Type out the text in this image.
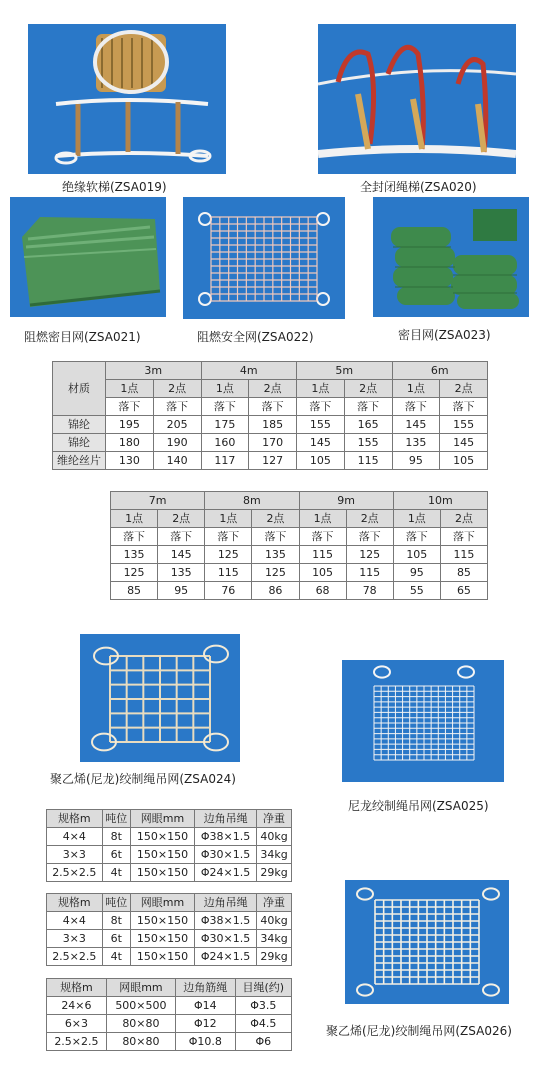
绝缘软梯(ZSA019)	全封闭绳梯(ZSA020)
阻燃密目网(ZSA021)	阻燃安全网(ZSA022)	密目网(ZSA023)
材质	3m		4m		5m		6m	
	1点	2点	1点	2点	1点	2点	1点	2点
	落下	落下	落下	落下	落下	落下	落下	落下
锦纶	195	205	175	185	155	165	145	155
锦纶	180	190	160	170	145	155	135	145
维纶丝片	130	140	117	127	105	115	95	105
7m		8m		9m		10m	
1点	2点	1点	2点	1点	2点	1点	2点
落下	落下	落下	落下	落下	落下	落下	落下
135	145	125	135	115	125	105	115
125	135	115	125	105	115	95	85
85	95	76	86	68	78	55	65
聚乙烯(尼龙)绞制绳吊网(ZSA024)
尼龙绞制绳吊网(ZSA025)
聚乙烯(尼龙)绞制绳吊网(ZSA026)
规格m	吨位	网眼mm	边角吊绳	净重
4×4	8t	150×150	Φ38×1.5	40kg
3×3	6t	150×150	Φ30×1.5	34kg
2.5×2.5	4t	150×150	Φ24×1.5	29kg
规格m	吨位	网眼mm	边角吊绳	净重
4×4	8t	150×150	Φ38×1.5	40kg
3×3	6t	150×150	Φ30×1.5	34kg
2.5×2.5	4t	150×150	Φ24×1.5	29kg
规格m	网眼mm	边角筋绳	目绳(约)
24×6	500×500	Φ14	Φ3.5
6×3	80×80	Φ12	Φ4.5
2.5×2.5	80×80	Φ10.8	Φ6
